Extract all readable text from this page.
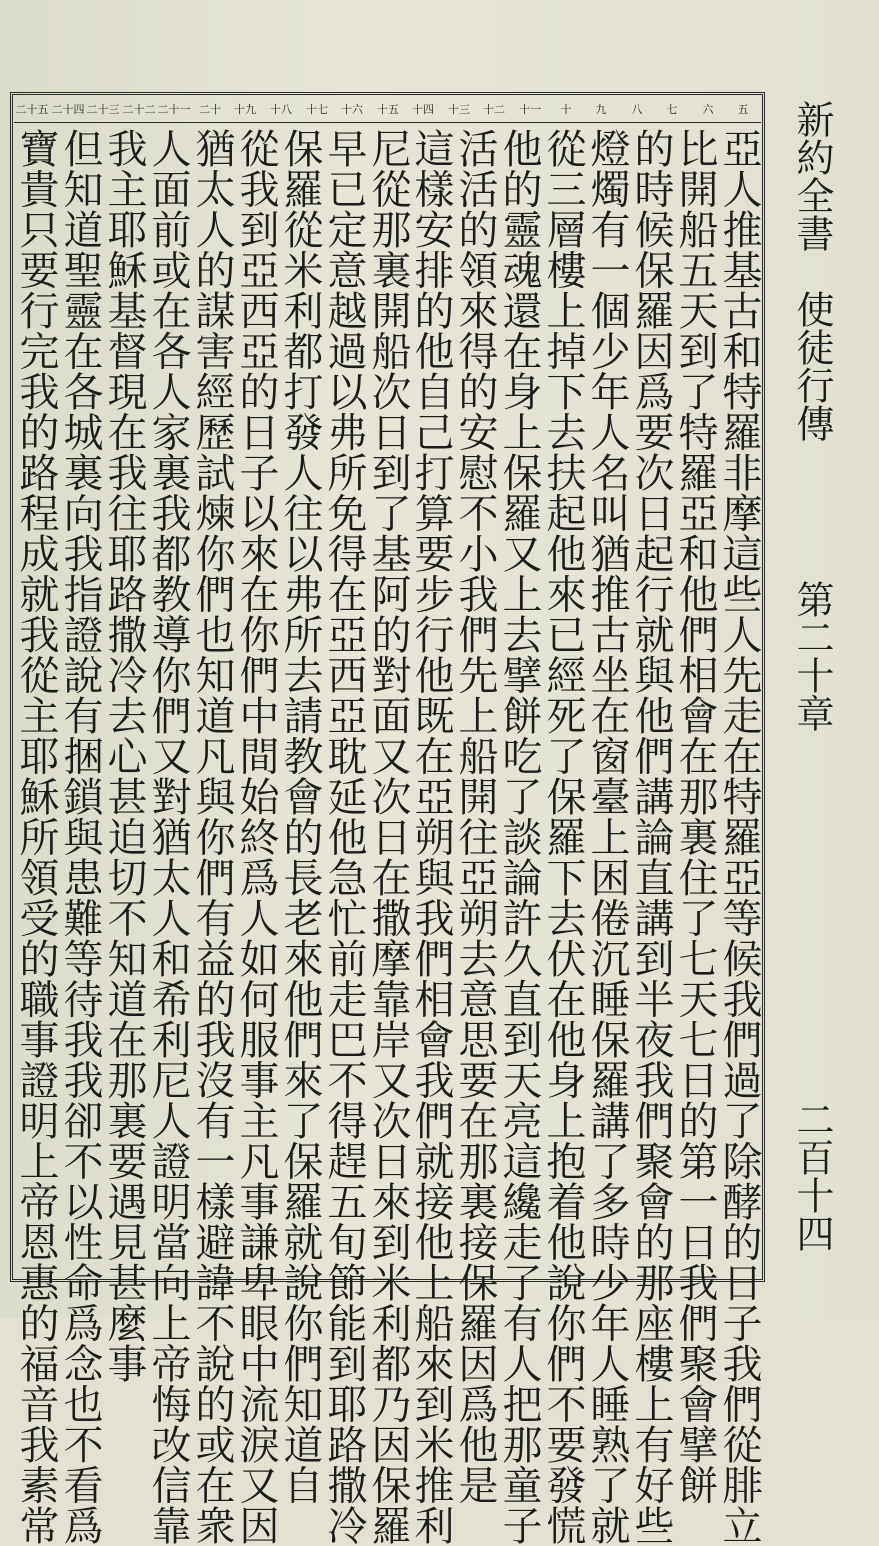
新約全書　使徒行傳
第二十章
二百十四
五
六
七
八
九
十
十一
十二
十三
十四
十五
十六
十七
十八
十九
二十
二十一
二十二
二十三
二十四
二十五
亞人推基古和特羅非摩這些人先走在特羅亞等候我們過了除酵的日子我們從腓立
比開船五天到了特羅亞和他們相會在那裏住了七天七日的第一日我們聚會擘餅
的時候保羅因爲要次日起行就與他們講論直講到半夜我們聚會的那座樓上有好些
燈燭有一個少年人名叫猶推古坐在窗臺上困倦沉睡保羅講了多時少年人睡熟了就
從三層樓上掉下去扶起他來已經死了保羅下去伏在他身上抱着他說你們不要發慌
他的靈魂還在身上保羅又上去擘餅吃了談論許久直到天亮這纔走了有人把那童子
活活的領來得的安慰不小我們先上船開往亞朔去意思要在那裏接保羅因爲他是
這樣安排的他自己打算要步行他既在亞朔與我們相會我們就接他上船來到米推利
尼從那裏開船次日到了基阿的對面又次日在撒摩靠岸又次日來到米利都乃因保羅
早已定意越過以弗所免得在亞西亞耽延他急忙前走巴不得趕五旬節能到耶路撒冷
保羅從米利都打發人往以弗所去請教會的長老來他們來了保羅就說你們知道自
從我到亞西亞的日子以來在你們中間始終爲人如何服事主凡事謙卑眼中流淚又因
猶太人的謀害經歷試煉你們也知道凡與你們有益的我沒有一樣避諱不說的或在衆
人面前或在各人家裏我都教導你們又對猶太人和希利尼人證明當向上帝悔改信靠
我主耶穌基督現在我往耶路撒冷去心甚迫切不知道在那裏要遇見甚麼事
但知道聖靈在各城裏向我指證說有捆鎖與患難等待我我卻不以性命爲念也不看爲
寶貴只要行完我的路程成就我從主耶穌所領受的職事證明上帝恩惠的福音我素常
